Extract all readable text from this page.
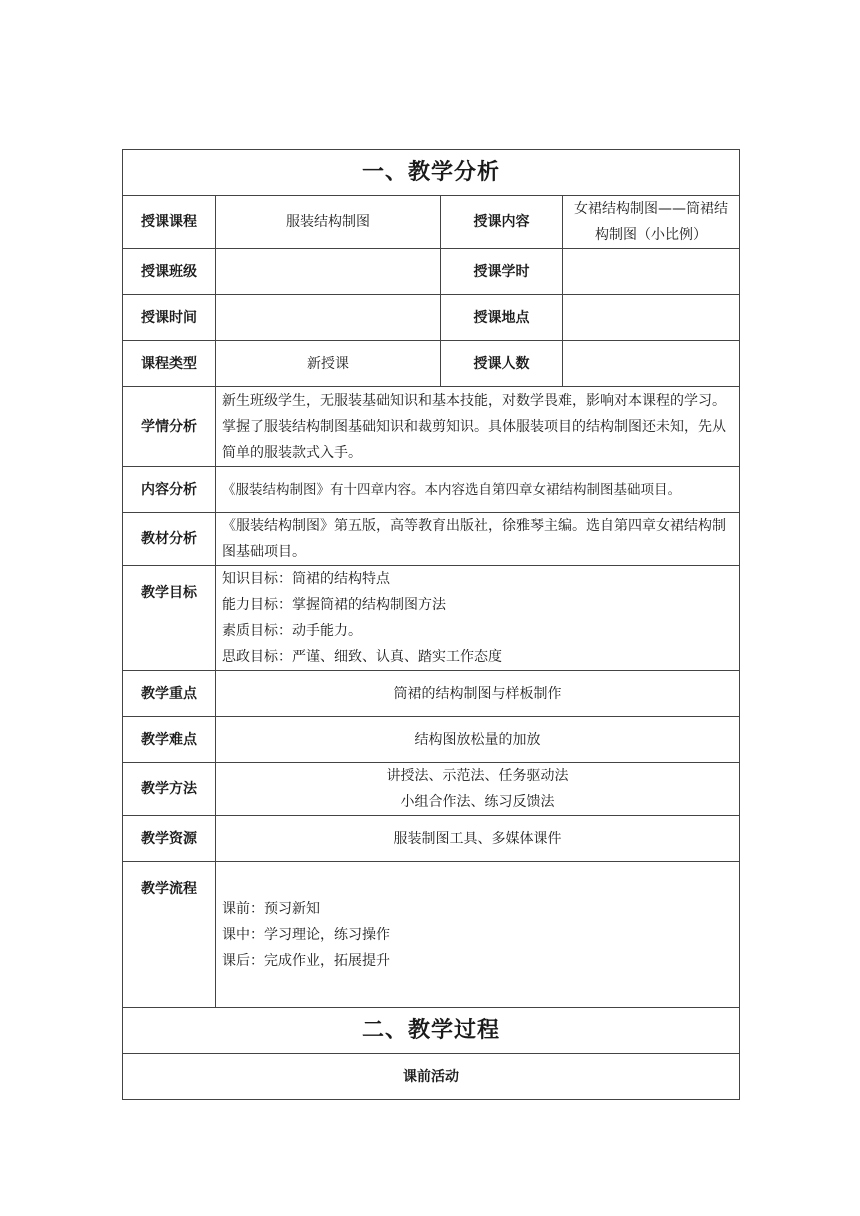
一、教学分析			
授课课程	服装结构制图	授课内容	女裙结构制图——筒裙结构制图（小比例）
授课班级		授课学时	
授课时间		授课地点	
课程类型	新授课	授课人数	
学情分析	新生班级学生，无服装基础知识和基本技能，对数学畏难，影响对本课程的学习。掌握了服装结构制图基础知识和裁剪知识。具体服装项目的结构制图还未知，先从简单的服装款式入手。		
内容分析	《服装结构制图》有十四章内容。本内容选自第四章女裙结构制图基础项目。		
教材分析	《服装结构制图》第五版，高等教育出版社，徐雅琴主编。选自第四章女裙结构制图基础项目。		
教学目标	知识目标：筒裙的结构特点
能力目标：掌握筒裙的结构制图方法
素质目标：动手能力。
思政目标：严谨、细致、认真、踏实工作态度		

教学重点	筒裙的结构制图与样板制作		
教学难点	结构图放松量的加放		
教学方法	讲授法、示范法、任务驱动法
小组合作法、练习反馈法		

教学资源	服装制图工具、多媒体课件		
教学流程	课前：预习新知
课中：学习理论，练习操作
课后：完成作业，拓展提升		

二、教学过程			
课前活动			
